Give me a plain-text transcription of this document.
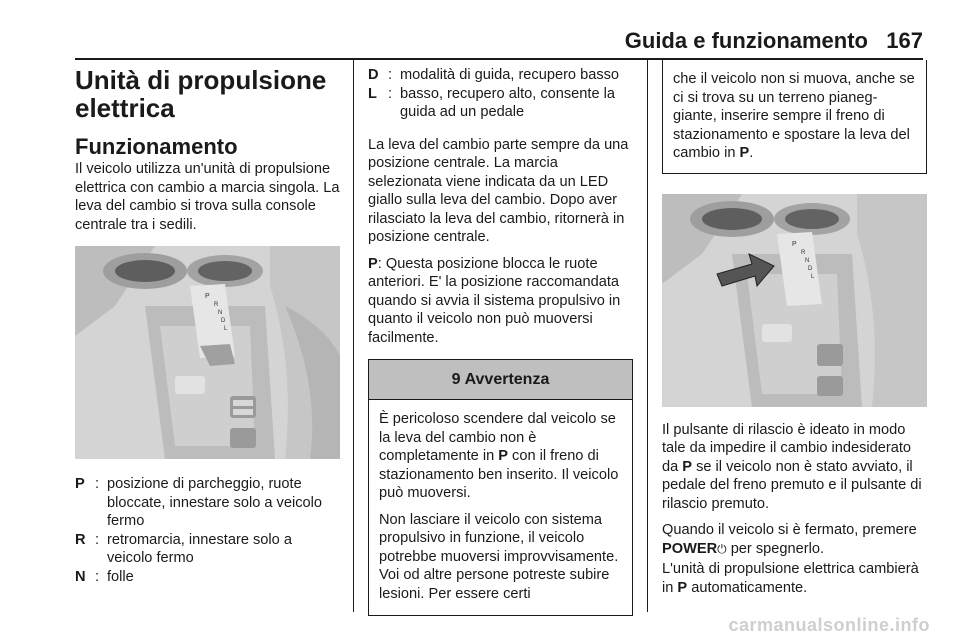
Guida e funzionamento 167
Unità di propulsione elettrica
Funzionamento

Il veicolo utilizza un'unità di propulsione elettrica con cambio a marcia singola. La leva del cambio si trova sulla console centrale tra i sedili.

P
R
N
D
L
P : posizione di parcheggio, ruote bloccate, innestare solo a veicolo fermo
R : retromarcia, innestare solo a veicolo fermo
N : folle
D : modalità di guida, recupero basso
L : basso, recupero alto, consente la guida ad un pedale

La leva del cambio parte sempre da una posizione centrale. La marcia selezionata viene indicata da un LED giallo sulla leva del cambio. Dopo aver rilasciato la leva del cambio, ritornerà in posizione centrale.

P: Questa posizione blocca le ruote anteriori. E' la posizione raccomandata quando si avvia il sistema propulsivo in quanto il veicolo non può muoversi facilmente.

9 Avvertenza

È pericoloso scendere dal veicolo se la leva del cambio non è completamente in P con il freno di stazionamento ben inserito. Il veicolo può muoversi.

Non lasciare il veicolo con sistema propulsivo in funzione, il veicolo potrebbe muoversi improvvisamente. Voi od altre persone potreste subire lesioni. Per essere certi

che il veicolo non si muova, anche se ci si trova su un terreno pianeggiante, inserire sempre il freno di stazionamento e spostare la leva del cambio in P.

P
R
N
D
L

Il pulsante di rilascio è ideato in modo tale da impedire il cambio indesiderato da P se il veicolo non è stato avviato, il pedale del freno premuto e il pulsante di rilascio premuto.

Quando il veicolo si è fermato, premere POWER⏻ per spegnerlo.

L'unità di propulsione elettrica cambierà in P automaticamente.

carmanualsonline.info
